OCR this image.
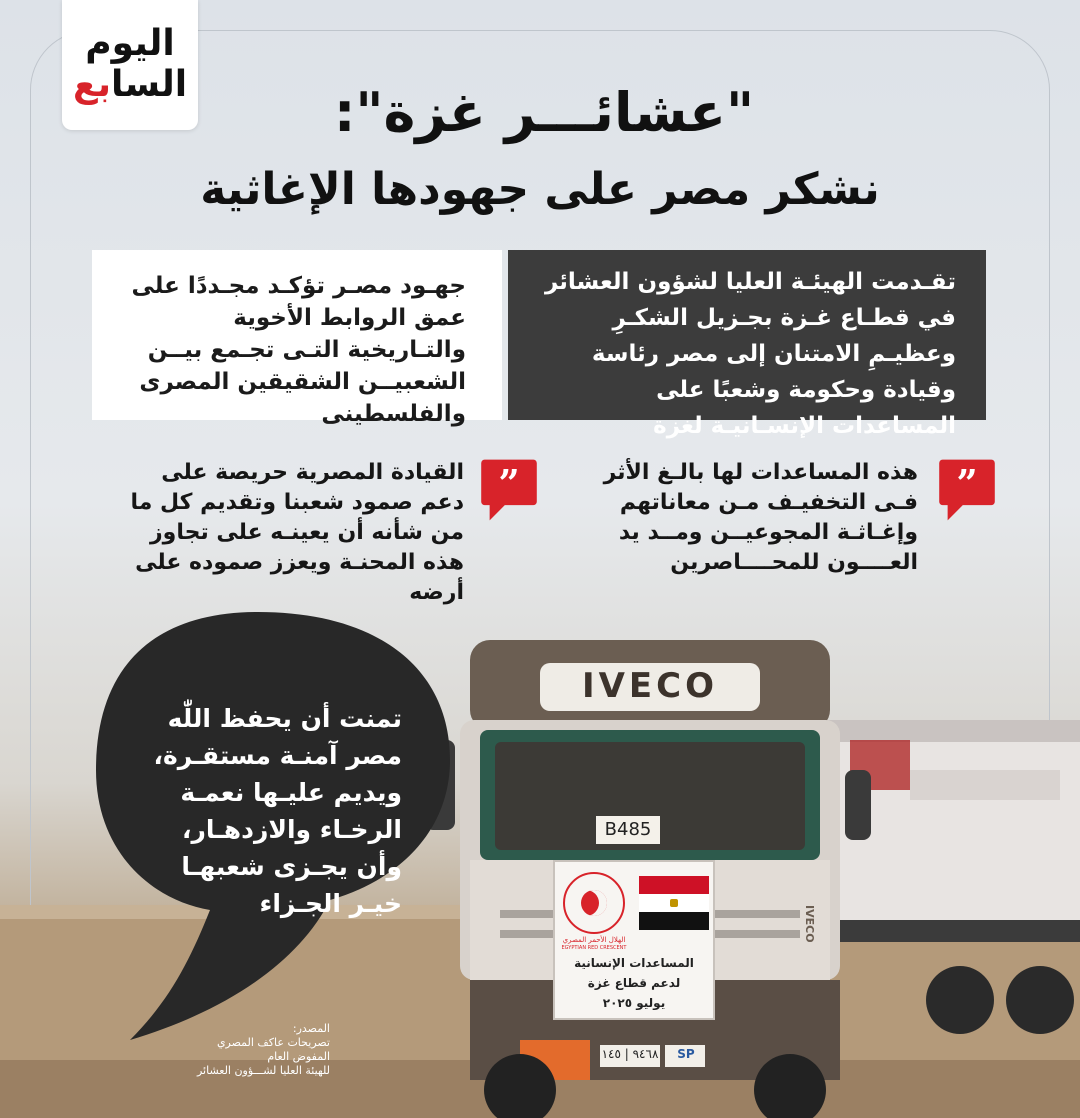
IVECO
B485
الهلال الأحمر المصري
EGYPTIAN RED CRESCENT
المساعدات الإنسانية
لدعم قطاع غزة
يوليو ٢٠٢٥
IVECO
٩٤٦٨ | ١٤٥	SP
اليوم
السابع	"عشائـــر غزة":
نشكر مصر على جهودها الإغاثية
تقـدمت الهيئـة العليا لشؤون العشائر في قطـاع غـزة بجـزيل الشكـرِ وعظيـمِ الامتنان إلى مصر رئاسة وقيادة وحكومة وشعبًا على المساعدات الإنسـانيـة لغزة
جهـود مصـر تؤكـد مجـددًا على عمق الروابط الأخوية والتـاريخية التـى تجـمع بيــن الشعبيــن الشقيقين المصرى والفلسطينى
”
هذه المساعدات لها بالـغ الأثر فـى التخفيـف مـن معاناتهم وإغـاثـة المجوعيــن ومــد يد العــــون للمحــــاصرين
”
القيادة المصرية حريصة على دعم صمود شعبنا وتقديم كل ما من شأنه أن يعينـه على تجاوز هذه المحنـة ويعزز صموده على أرضه
تمنت أن يحفظ اللّٰه مصر آمنـة مستقـرة، ويديم عليـها نعمـة الرخـاء والازدهـار، وأن يجـزى شعبهـا خيـر الجـزاء
المصدر:
تصريحات عاكف المصري المفوض العام
للهيئة العليا لشـــؤون العشائر
